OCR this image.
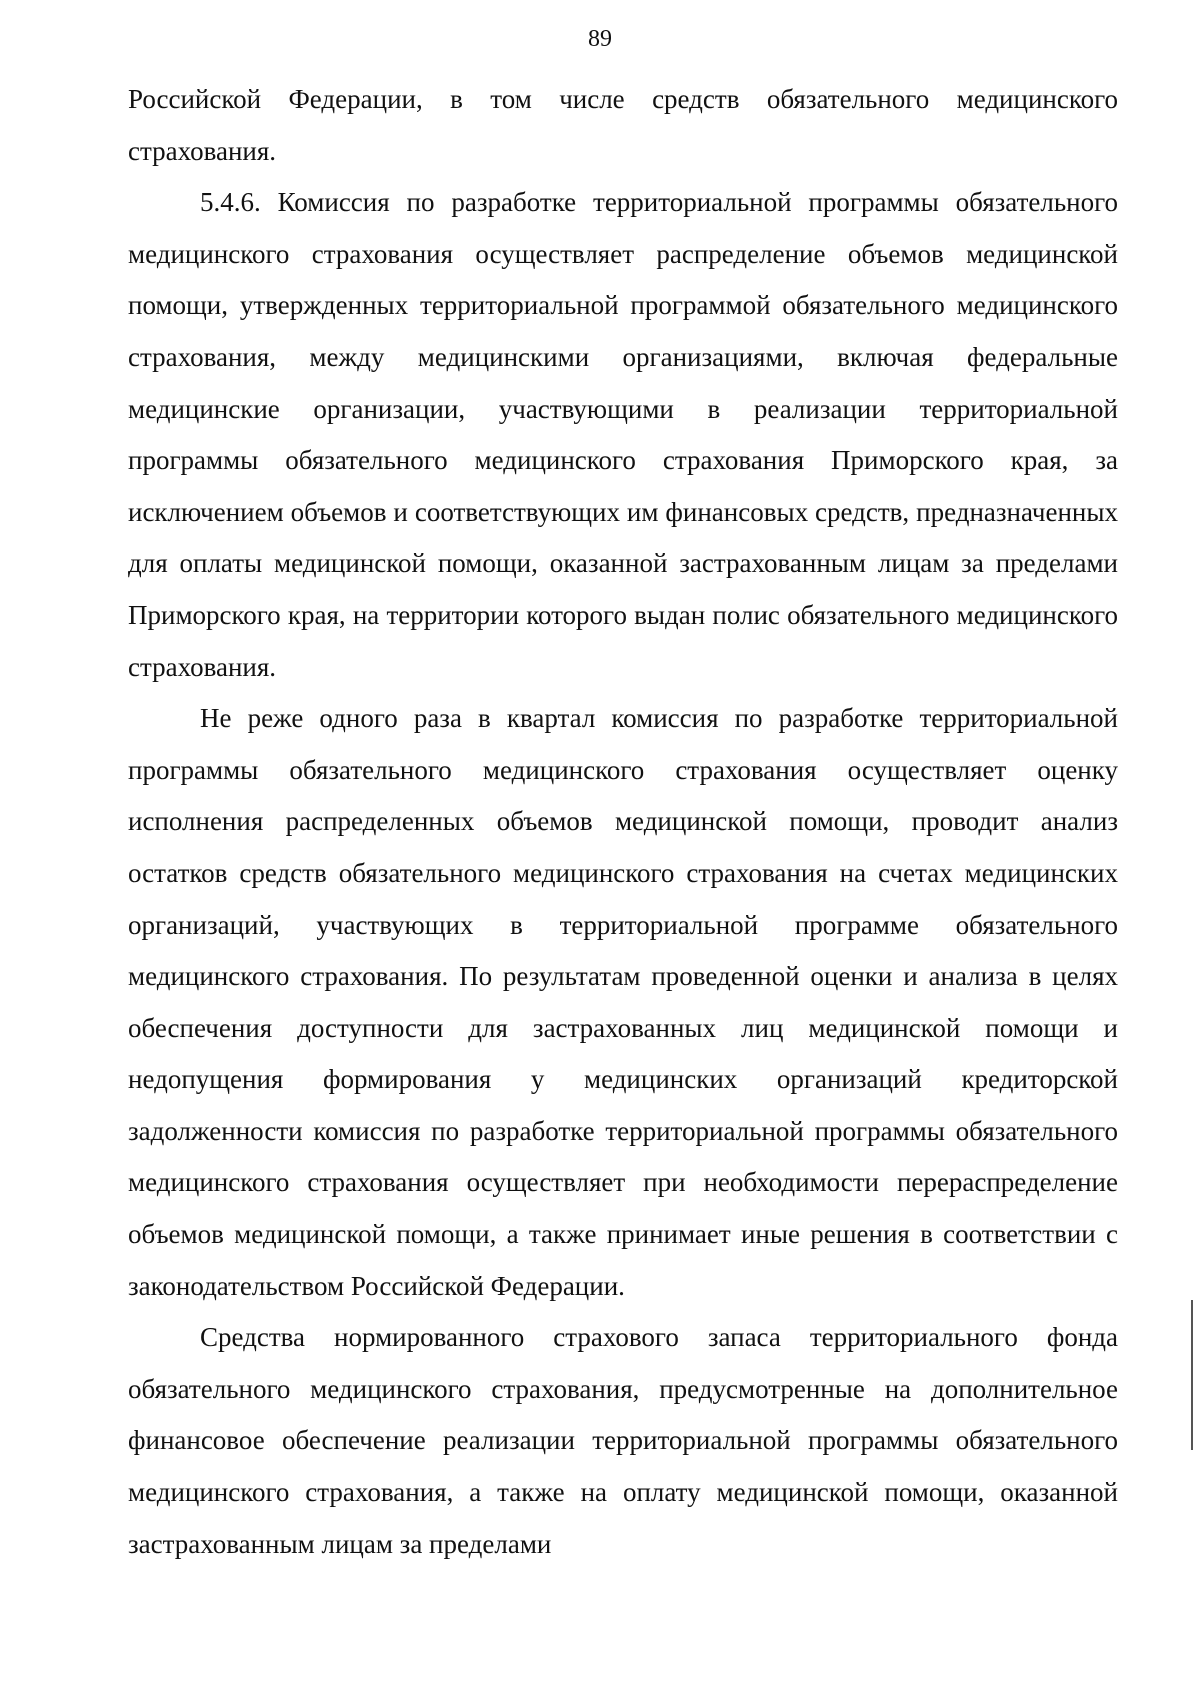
89

Российской Федерации, в том числе средств обязательного медицинского страхования.

5.4.6. Комиссия по разработке территориальной программы обязательного медицинского страхования осуществляет распределение объемов медицинской помощи, утвержденных территориальной программой обязательного медицинского страхования, между медицинскими организациями, включая федеральные медицинские организации, участвующими в реализации территориальной программы обязательного медицинского страхования Приморского края, за исключением объемов и соответствующих им финансовых средств, предназначенных для оплаты медицинской помощи, оказанной застрахованным лицам за пределами Приморского края, на территории которого выдан полис обязательного медицинского страхования.

Не реже одного раза в квартал комиссия по разработке территориальной программы обязательного медицинского страхования осуществляет оценку исполнения распределенных объемов медицинской помощи, проводит анализ остатков средств обязательного медицинского страхования на счетах медицинских организаций, участвующих в территориальной программе обязательного медицинского страхования. По результатам проведенной оценки и анализа в целях обеспечения доступности для застрахованных лиц медицинской помощи и недопущения формирования у медицинских организаций кредиторской задолженности комиссия по разработке территориальной программы обязательного медицинского страхования осуществляет при необходимости перераспределение объемов медицинской помощи, а также принимает иные решения в соответствии с законодательством Российской Федерации.

Средства нормированного страхового запаса территориального фонда обязательного медицинского страхования, предусмотренные на дополнительное финансовое обеспечение реализации территориальной программы обязательного медицинского страхования, а также на оплату медицинской помощи, оказанной застрахованным лицам за пределами
